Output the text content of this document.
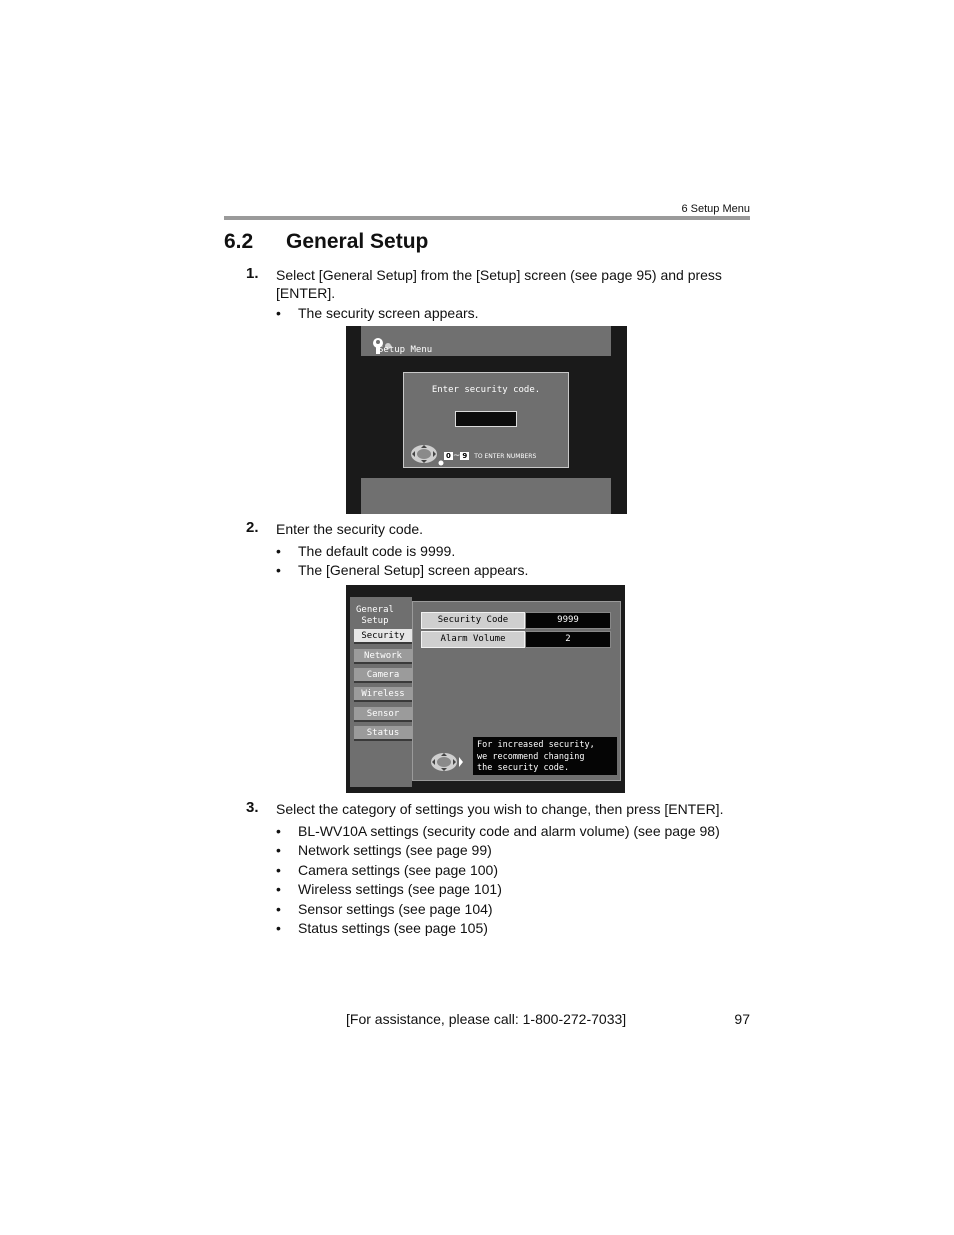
6 Setup Menu
6.2 General Setup
1. Select [General Setup] from the [Setup] screen (see page 95) and press [ENTER].
• The security screen appears.
Setup Menu
Enter security code.
0 ~ 9 TO ENTER NUMBERS
2. Enter the security code.
• The default code is 9999.
• The [General Setup] screen appears.
General
Setup
Security
Network
Camera
Wireless
Sensor
Status
Security Code	9999
Alarm Volume	2
For increased security,
we recommend changing
the security code.
3. Select the category of settings you wish to change, then press [ENTER].
• BL-WV10A settings (security code and alarm volume) (see page 98)
• Network settings (see page 99)
• Camera settings (see page 100)
• Wireless settings (see page 101)
• Sensor settings (see page 104)
• Status settings (see page 105)
[For assistance, please call: 1-800-272-7033]	97
